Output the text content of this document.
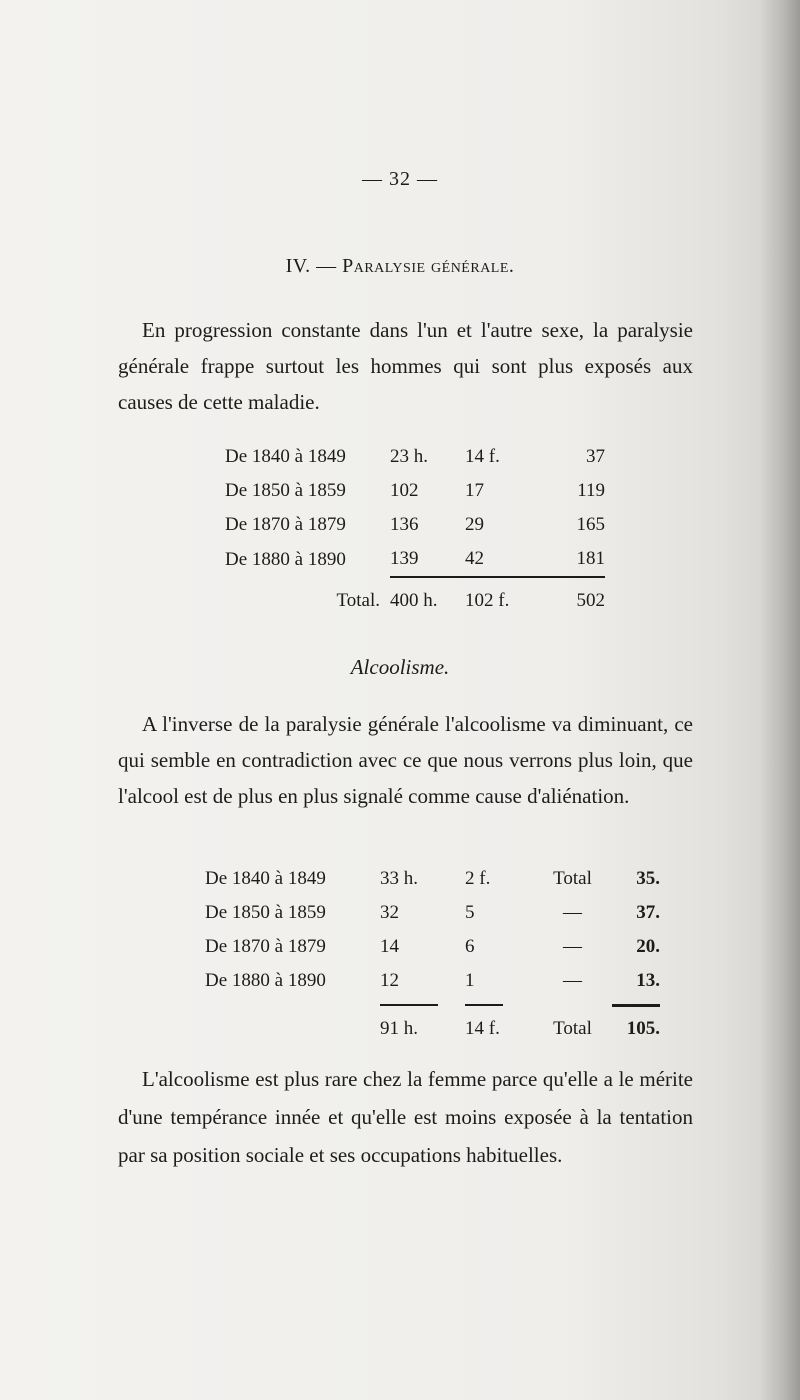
— 32 —
IV. — Paralysie générale.
En progression constante dans l'un et l'autre sexe, la paralysie générale frappe surtout les hommes qui sont plus exposés aux causes de cette maladie.
De 1840 à 1849	23 h.	14 f.	37
De 1850 à 1859	102	17	119
De 1870 à 1879	136	29	165
De 1880 à 1890	139	42	181
Total.	400 h.	102 f.	502
Alcoolisme.
A l'inverse de la paralysie générale l'alcoolisme va diminuant, ce qui semble en contradiction avec ce que nous verrons plus loin, que l'alcool est de plus en plus signalé comme cause d'aliénation.
De 1840 à 1849	33 h.	2 f.	Total	35.
De 1850 à 1859	32	5	—	37.
De 1870 à 1879	14	6	—	20.
De 1880 à 1890	12	1	—	13.

	91 h.	14 f.	Total	105.
L'alcoolisme est plus rare chez la femme parce qu'elle a le mérite d'une tempérance innée et qu'elle est moins exposée à la tentation par sa position sociale et ses occupations habituelles.
